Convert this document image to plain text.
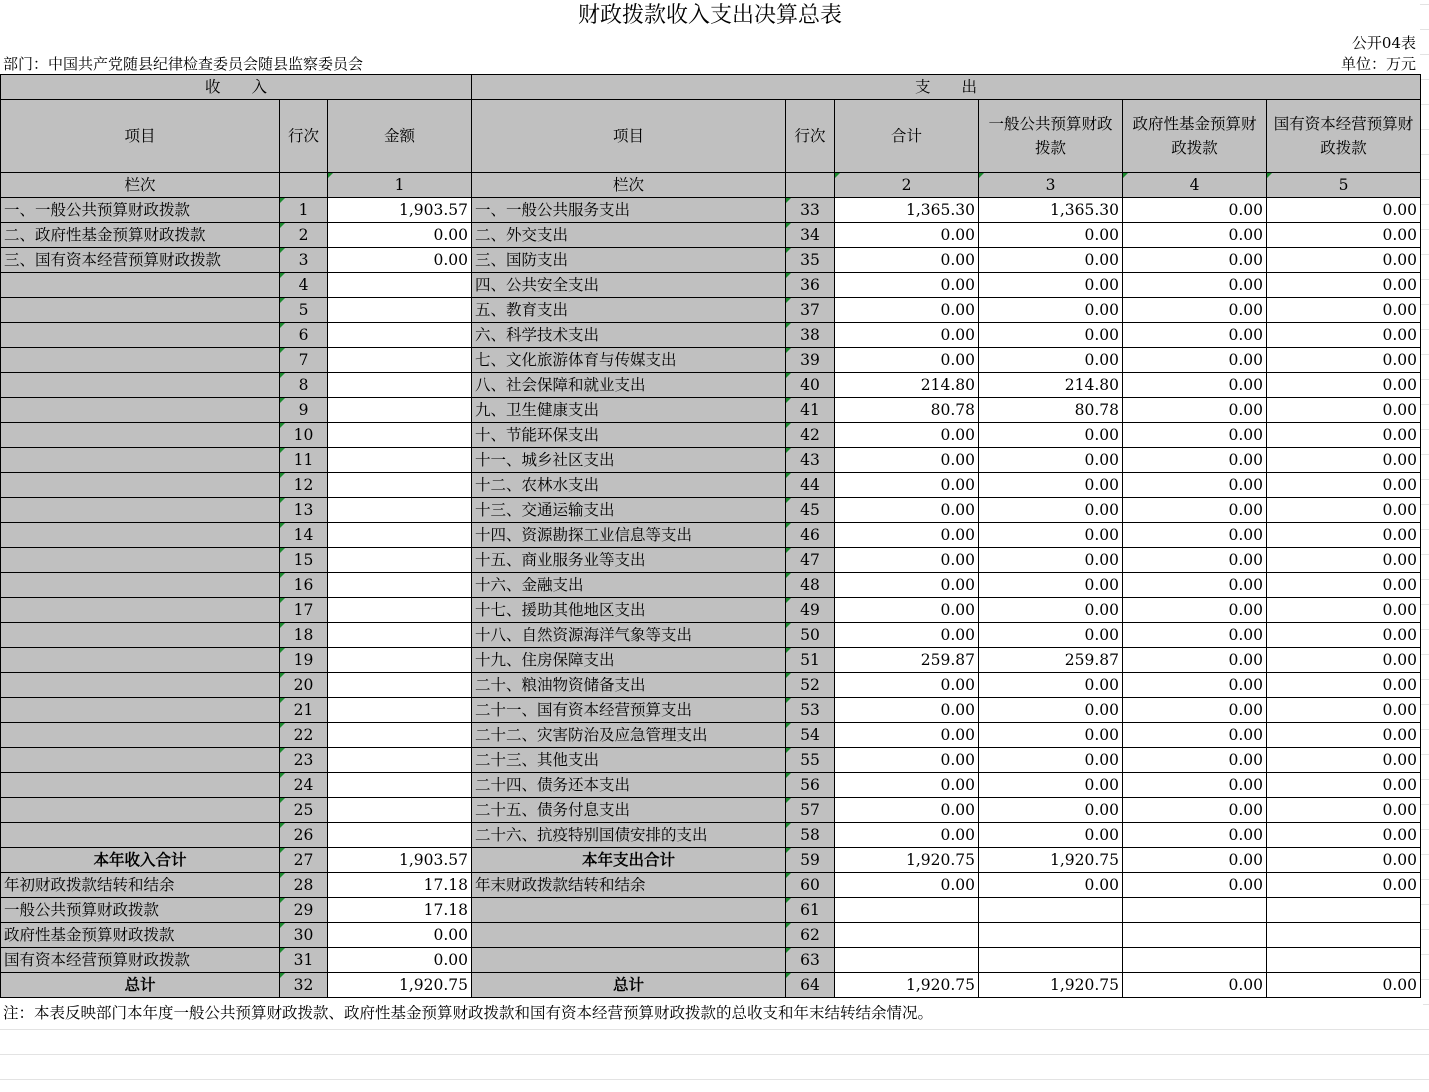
财政拨款收入支出决算总表
公开04表
部门：中国共产党随县纪律检查委员会随县监察委员会	单位：万元
收　　入			支　　出					
项目	行次	金额	项目	行次	合计	一般公共预算财政拨款	政府性基金预算财政拨款	国有资本经营预算财政拨款
栏次		1	栏次		2	3	4	5
一、一般公共预算财政拨款	1	1,903.57	一、一般公共服务支出	33	1,365.30	1,365.30	0.00	0.00
二、政府性基金预算财政拨款	2	0.00	二、外交支出	34	0.00	0.00	0.00	0.00
三、国有资本经营预算财政拨款	3	0.00	三、国防支出	35	0.00	0.00	0.00	0.00
	4		四、公共安全支出	36	0.00	0.00	0.00	0.00
	5		五、教育支出	37	0.00	0.00	0.00	0.00
	6		六、科学技术支出	38	0.00	0.00	0.00	0.00
	7		七、文化旅游体育与传媒支出	39	0.00	0.00	0.00	0.00
	8		八、社会保障和就业支出	40	214.80	214.80	0.00	0.00
	9		九、卫生健康支出	41	80.78	80.78	0.00	0.00
	10		十、节能环保支出	42	0.00	0.00	0.00	0.00
	11		十一、城乡社区支出	43	0.00	0.00	0.00	0.00
	12		十二、农林水支出	44	0.00	0.00	0.00	0.00
	13		十三、交通运输支出	45	0.00	0.00	0.00	0.00
	14		十四、资源勘探工业信息等支出	46	0.00	0.00	0.00	0.00
	15		十五、商业服务业等支出	47	0.00	0.00	0.00	0.00
	16		十六、金融支出	48	0.00	0.00	0.00	0.00
	17		十七、援助其他地区支出	49	0.00	0.00	0.00	0.00
	18		十八、自然资源海洋气象等支出	50	0.00	0.00	0.00	0.00
	19		十九、住房保障支出	51	259.87	259.87	0.00	0.00
	20		二十、粮油物资储备支出	52	0.00	0.00	0.00	0.00
	21		二十一、国有资本经营预算支出	53	0.00	0.00	0.00	0.00
	22		二十二、灾害防治及应急管理支出	54	0.00	0.00	0.00	0.00
	23		二十三、其他支出	55	0.00	0.00	0.00	0.00
	24		二十四、债务还本支出	56	0.00	0.00	0.00	0.00
	25		二十五、债务付息支出	57	0.00	0.00	0.00	0.00
	26		二十六、抗疫特别国债安排的支出	58	0.00	0.00	0.00	0.00
本年收入合计	27	1,903.57	本年支出合计	59	1,920.75	1,920.75	0.00	0.00
年初财政拨款结转和结余	28	17.18	年末财政拨款结转和结余	60	0.00	0.00	0.00	0.00
一般公共预算财政拨款	29	17.18		61				
政府性基金预算财政拨款	30	0.00		62				
国有资本经营预算财政拨款	31	0.00		63				
总计	32	1,920.75	总计	64	1,920.75	1,920.75	0.00	0.00
注：本表反映部门本年度一般公共预算财政拨款、政府性基金预算财政拨款和国有资本经营预算财政拨款的总收支和年末结转结余情况。
